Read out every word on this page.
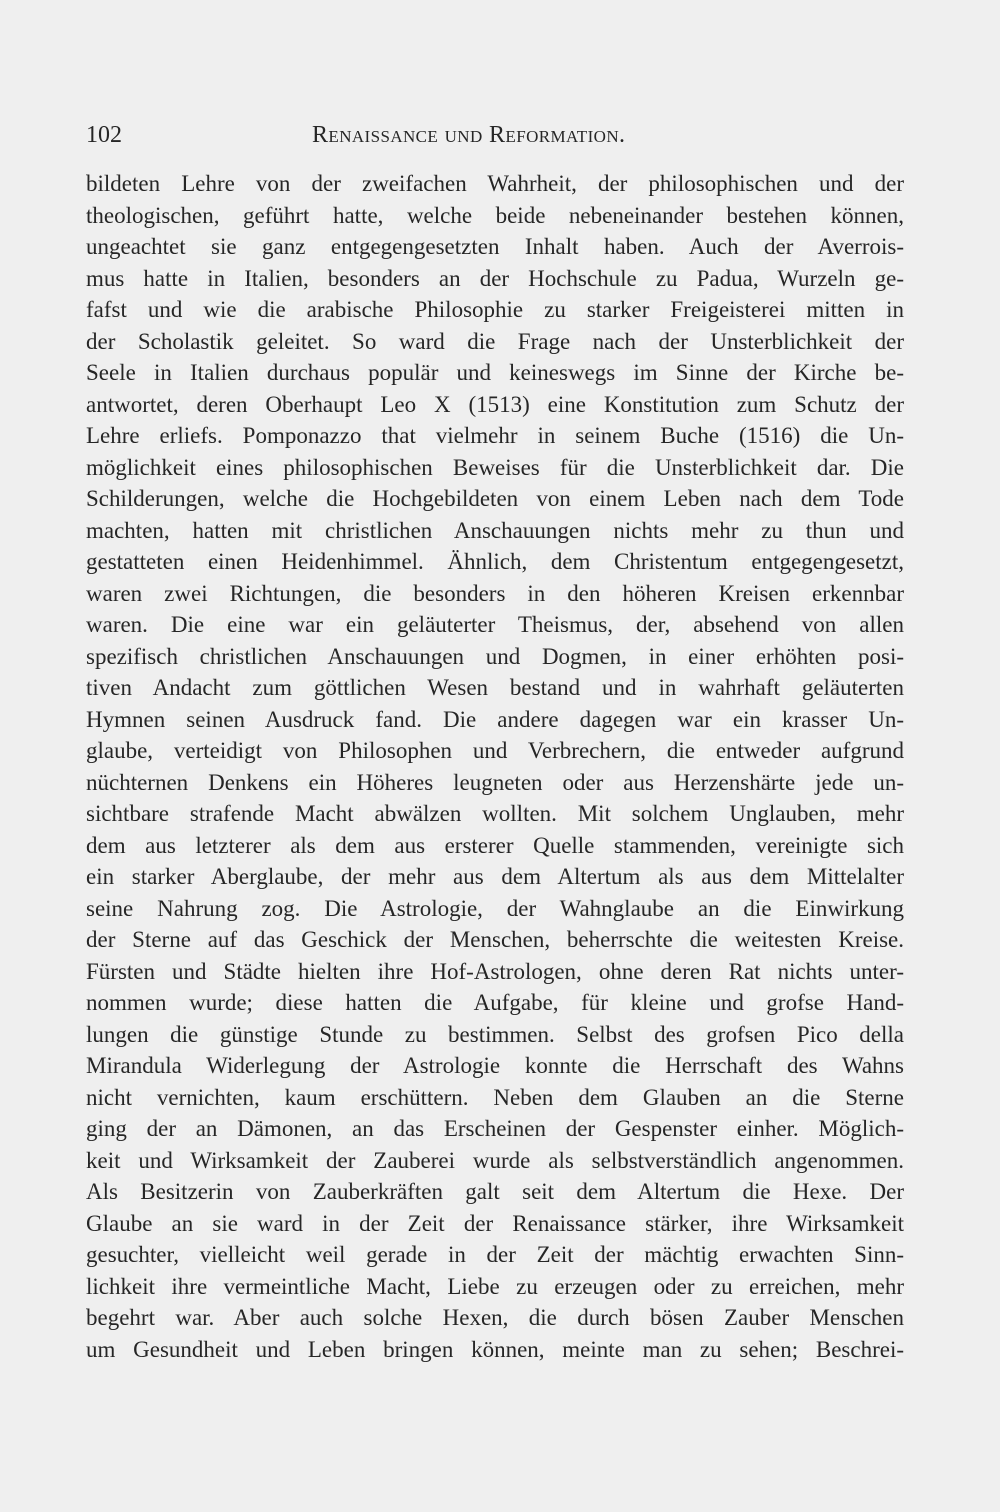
102	Renaissance und Reformation.
bildeten Lehre von der zweifachen Wahrheit, der philosophischen und der
theologischen, geführt hatte, welche beide nebeneinander bestehen können,
ungeachtet sie ganz entgegengesetzten Inhalt haben. Auch der Averrois-
mus hatte in Italien, besonders an der Hochschule zu Padua, Wurzeln ge-
fafst und wie die arabische Philosophie zu starker Freigeisterei mitten in
der Scholastik geleitet. So ward die Frage nach der Unsterblichkeit der
Seele in Italien durchaus populär und keineswegs im Sinne der Kirche be-
antwortet, deren Oberhaupt Leo X (1513) eine Konstitution zum Schutz der
Lehre erliefs. Pomponazzo that vielmehr in seinem Buche (1516) die Un-
möglichkeit eines philosophischen Beweises für die Unsterblichkeit dar. Die
Schilderungen, welche die Hochgebildeten von einem Leben nach dem Tode
machten, hatten mit christlichen Anschauungen nichts mehr zu thun und
gestatteten einen Heidenhimmel. Ähnlich, dem Christentum entgegengesetzt,
waren zwei Richtungen, die besonders in den höheren Kreisen erkennbar
waren. Die eine war ein geläuterter Theismus, der, absehend von allen
spezifisch christlichen Anschauungen und Dogmen, in einer erhöhten posi-
tiven Andacht zum göttlichen Wesen bestand und in wahrhaft geläuterten
Hymnen seinen Ausdruck fand. Die andere dagegen war ein krasser Un-
glaube, verteidigt von Philosophen und Verbrechern, die entweder aufgrund
nüchternen Denkens ein Höheres leugneten oder aus Herzenshärte jede un-
sichtbare strafende Macht abwälzen wollten. Mit solchem Unglauben, mehr
dem aus letzterer als dem aus ersterer Quelle stammenden, vereinigte sich
ein starker Aberglaube, der mehr aus dem Altertum als aus dem Mittelalter
seine Nahrung zog. Die Astrologie, der Wahnglaube an die Einwirkung
der Sterne auf das Geschick der Menschen, beherrschte die weitesten Kreise.
Fürsten und Städte hielten ihre Hof-Astrologen, ohne deren Rat nichts unter-
nommen wurde; diese hatten die Aufgabe, für kleine und grofse Hand-
lungen die günstige Stunde zu bestimmen. Selbst des grofsen Pico della
Mirandula Widerlegung der Astrologie konnte die Herrschaft des Wahns
nicht vernichten, kaum erschüttern. Neben dem Glauben an die Sterne
ging der an Dämonen, an das Erscheinen der Gespenster einher. Möglich-
keit und Wirksamkeit der Zauberei wurde als selbstverständlich angenommen.
Als Besitzerin von Zauberkräften galt seit dem Altertum die Hexe. Der
Glaube an sie ward in der Zeit der Renaissance stärker, ihre Wirksamkeit
gesuchter, vielleicht weil gerade in der Zeit der mächtig erwachten Sinn-
lichkeit ihre vermeintliche Macht, Liebe zu erzeugen oder zu erreichen, mehr
begehrt war. Aber auch solche Hexen, die durch bösen Zauber Menschen
um Gesundheit und Leben bringen können, meinte man zu sehen; Beschrei-
